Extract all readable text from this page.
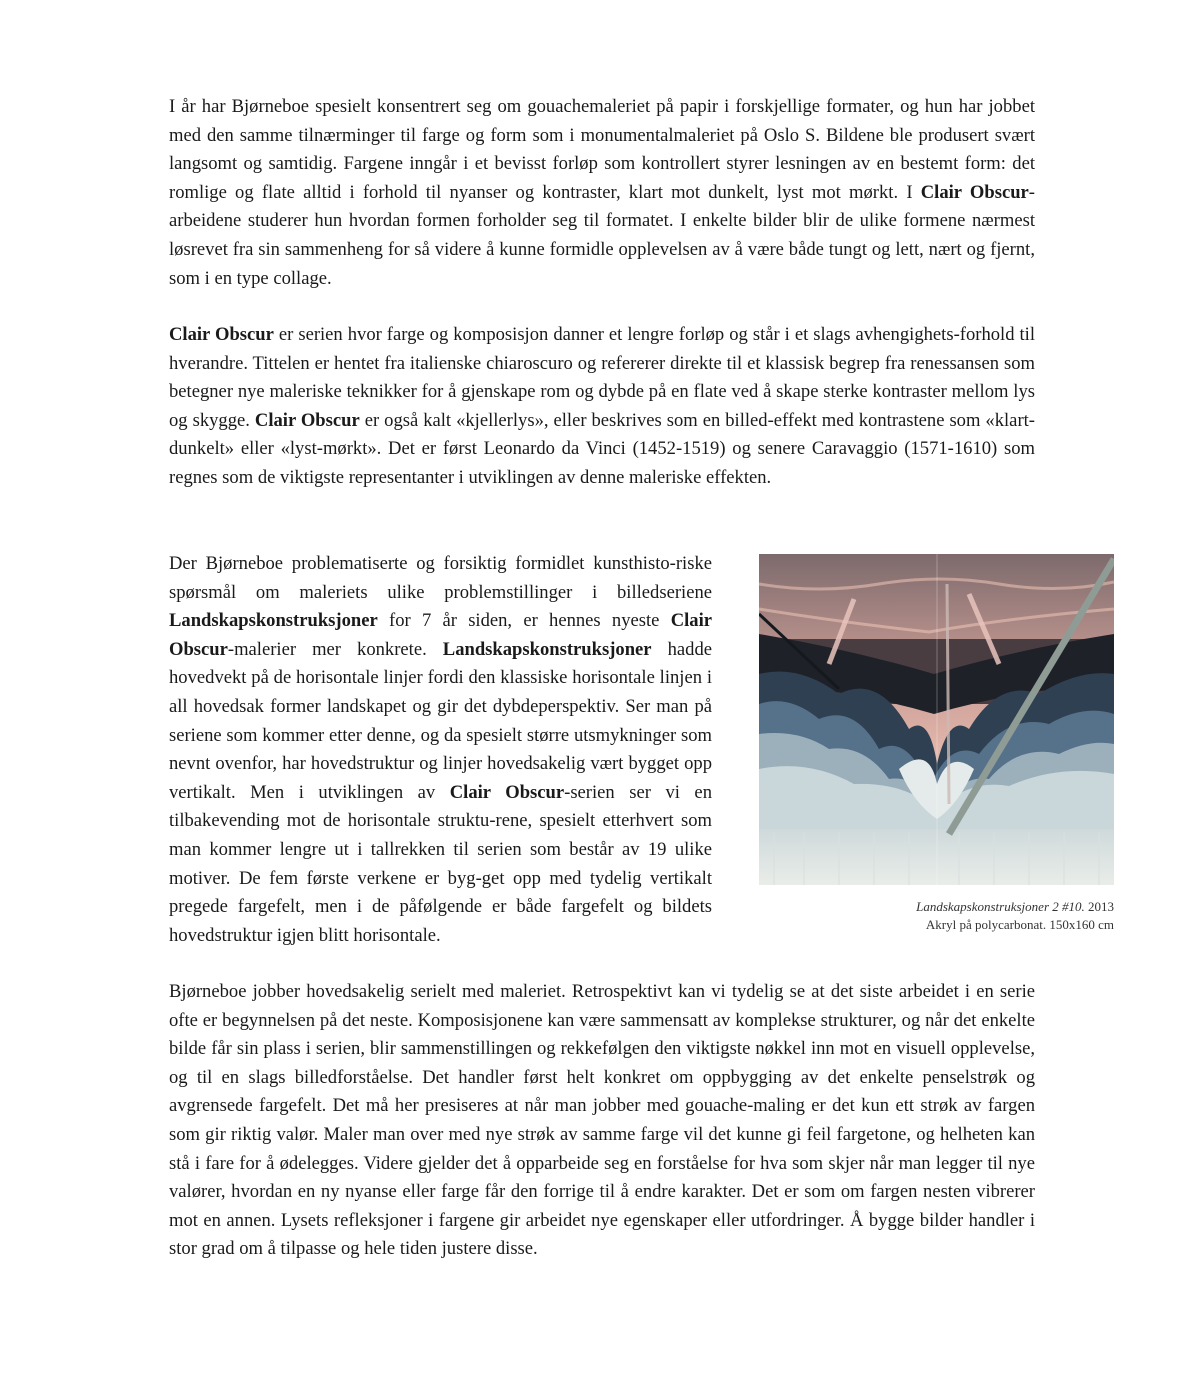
I år har Bjørneboe spesielt konsentrert seg om gouachemaleriet på papir i forskjellige formater, og hun har jobbet med den samme tilnærminger til farge og form som i monumentalmaleriet på Oslo S. Bildene ble produsert svært langsomt og samtidig. Fargene inngår i et bevisst forløp som kontrollert styrer lesningen av en bestemt form: det romlige og flate alltid i forhold til nyanser og kontraster, klart mot dunkelt, lyst mot mørkt. I Clair Obscur-arbeidene studerer hun hvordan formen forholder seg til formatet. I enkelte bilder blir de ulike formene nærmest løsrevet fra sin sammenheng for så videre å kunne formidle opplevelsen av å være både tungt og lett, nært og fjernt, som i en type collage.

Clair Obscur er serien hvor farge og komposisjon danner et lengre forløp og står i et slags avhengighets-forhold til hverandre. Tittelen er hentet fra italienske chiaroscuro og refererer direkte til et klassisk begrep fra renessansen som betegner nye maleriske teknikker for å gjenskape rom og dybde på en flate ved å skape sterke kontraster mellom lys og skygge. Clair Obscur er også kalt «kjellerlys», eller beskrives som en billed-effekt med kontrastene som «klart-dunkelt» eller «lyst-mørkt». Det er først Leonardo da Vinci (1452-1519) og senere Caravaggio (1571-1610) som regnes som de viktigste representanter i utviklingen av denne maleriske effekten.

Der Bjørneboe problematiserte og forsiktig formidlet kunsthisto-riske spørsmål om maleriets ulike problemstillinger i billedseriene Landskapskonstruksjoner for 7 år siden, er hennes nyeste Clair Obscur-malerier mer konkrete. Landskapskonstruksjoner hadde hovedvekt på de horisontale linjer fordi den klassiske horisontale linjen i all hovedsak former landskapet og gir det dybdeperspektiv. Ser man på seriene som kommer etter denne, og da spesielt større utsmykninger som nevnt ovenfor, har hovedstruktur og linjer hovedsakelig vært bygget opp vertikalt. Men i utviklingen av Clair Obscur-serien ser vi en tilbakevending mot de horisontale struktu-rene, spesielt etterhvert som man kommer lengre ut i tallrekken til serien som består av 19 ulike motiver. De fem første verkene er byg-get opp med tydelig vertikalt pregede fargefelt, men i de påfølgende er både fargefelt og bildets hovedstruktur igjen blitt horisontale.

Landskapskonstruksjoner 2 #10. 2013
Akryl på polycarbonat. 150x160 cm

Bjørneboe jobber hovedsakelig serielt med maleriet. Retrospektivt kan vi tydelig se at det siste arbeidet i en serie ofte er begynnelsen på det neste. Komposisjonene kan være sammensatt av komplekse strukturer, og når det enkelte bilde får sin plass i serien, blir sammenstillingen og rekkefølgen den viktigste nøkkel inn mot en visuell opplevelse, og til en slags billedforståelse. Det handler først helt konkret om oppbygging av det enkelte penselstrøk og avgrensede fargefelt. Det må her presiseres at når man jobber med gouache-maling er det kun ett strøk av fargen som gir riktig valør. Maler man over med nye strøk av samme farge vil det kunne gi feil fargetone, og helheten kan stå i fare for å ødelegges. Videre gjelder det å opparbeide seg en forståelse for hva som skjer når man legger til nye valører, hvordan en ny nyanse eller farge får den forrige til å endre karakter. Det er som om fargen nesten vibrerer mot en annen. Lysets refleksjoner i fargene gir arbeidet nye egenskaper eller utfordringer. Å bygge bilder handler i stor grad om å tilpasse og hele tiden justere disse.
